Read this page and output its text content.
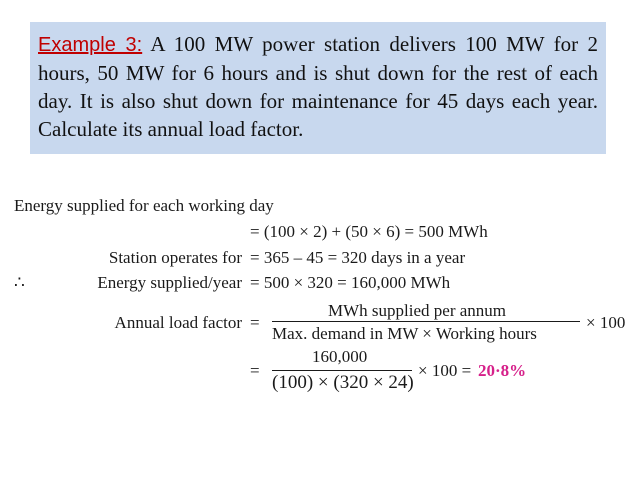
Example 3: A 100 MW power station delivers 100 MW for 2 hours, 50 MW for 6 hours and is shut down for the rest of each day. It is also shut down for maintenance for 45 days each year. Calculate its annual load factor.

Energy supplied for each working day
= (100 × 2) + (50 × 6) = 500 MWh
Station operates for = 365 – 45 = 320 days in a year
∴	Energy supplied/year = 500 × 320 = 160,000 MWh
Annual load factor =
MWh supplied per annum
Max. demand in MW × Working hours
× 100
=
160,000
(100) × (320 × 24)
× 100 = 20·8%
